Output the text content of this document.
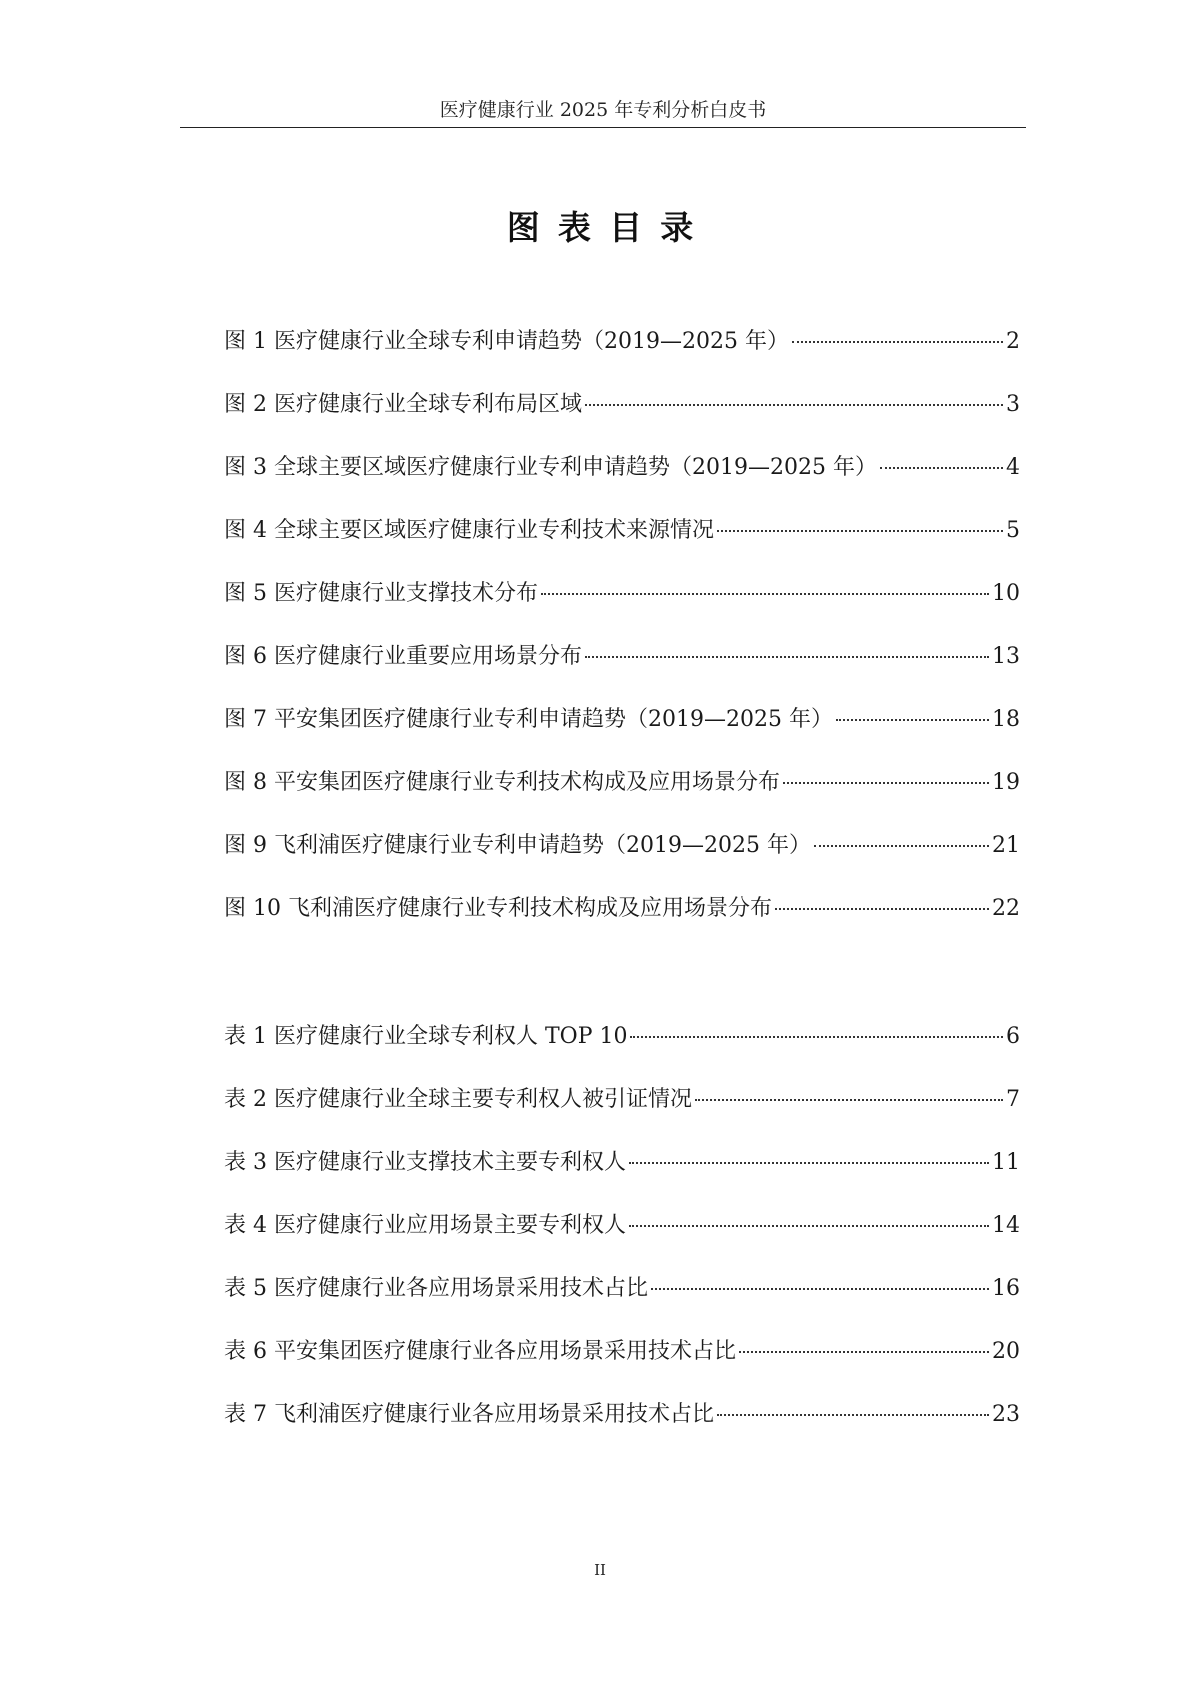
医疗健康行业 2025 年专利分析白皮书
图表目录
图 1 医疗健康行业全球专利申请趋势（2019—2025 年）	2
图 2 医疗健康行业全球专利布局区域	3
图 3 全球主要区域医疗健康行业专利申请趋势（2019—2025 年）	4
图 4 全球主要区域医疗健康行业专利技术来源情况	5
图 5 医疗健康行业支撑技术分布	10
图 6 医疗健康行业重要应用场景分布	13
图 7 平安集团医疗健康行业专利申请趋势（2019—2025 年）	18
图 8 平安集团医疗健康行业专利技术构成及应用场景分布	19
图 9 飞利浦医疗健康行业专利申请趋势（2019—2025 年）	21
图 10 飞利浦医疗健康行业专利技术构成及应用场景分布	22
表 1 医疗健康行业全球专利权人 TOP 10	6
表 2 医疗健康行业全球主要专利权人被引证情况	7
表 3 医疗健康行业支撑技术主要专利权人	11
表 4 医疗健康行业应用场景主要专利权人	14
表 5 医疗健康行业各应用场景采用技术占比	16
表 6 平安集团医疗健康行业各应用场景采用技术占比	20
表 7 飞利浦医疗健康行业各应用场景采用技术占比	23
II
